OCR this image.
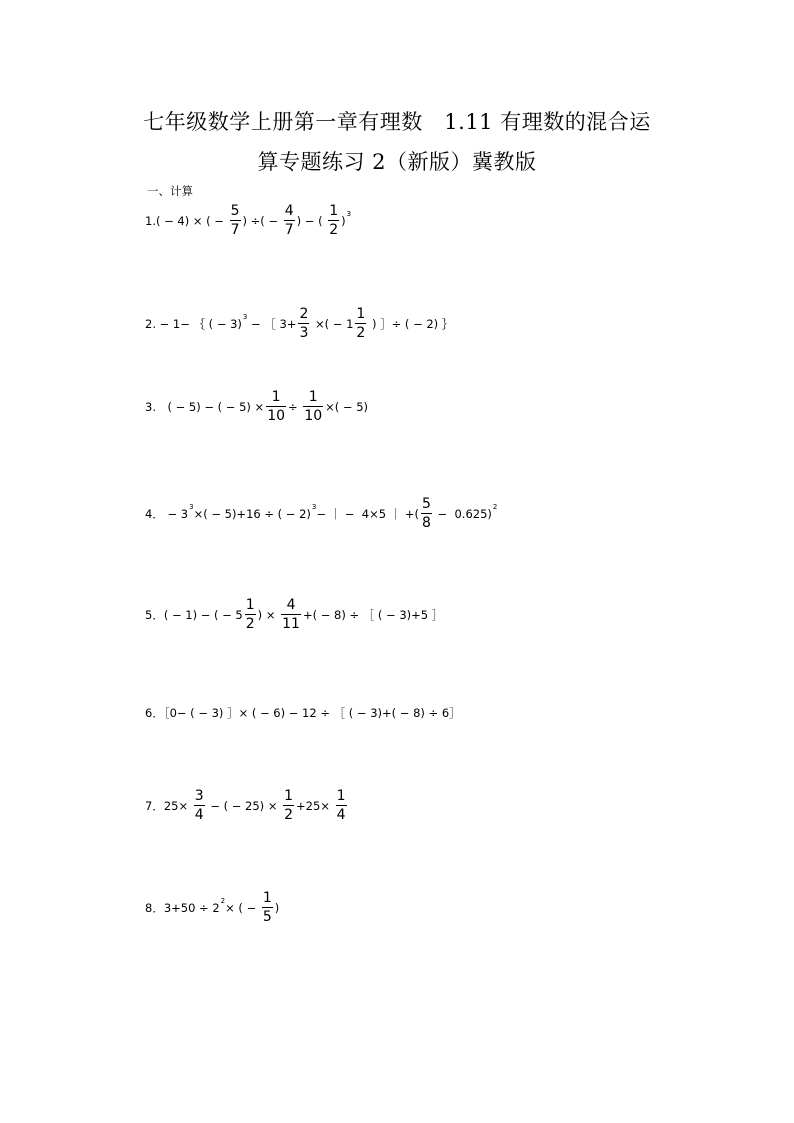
七年级数学上册第一章有理数　1.11 有理数的混合运
算专题练习 2（新版）冀教版
一、计算
1.( − 4) × ( − $\frac{5}{7}$ ) ÷( − $\frac{4}{7}$ ) − ( $\frac{1}{2}$ ) 3
2. − 1− ｛ ( − 3) 3 − ［ $3+ \frac{2}{3}$ ×( − $1 \frac{1}{2}$ ) ］÷ ( − 2) ｝
3.　( − 5) − ( − $5) \times \frac{1}{10} \div \frac{1}{10}$ ×( − 5)
4． − 3 3 ×( − 5)+16 ÷ ( − 2) 3 − ｜ −  4×5 ｜ +( $\frac{5}{8} - 0.625$) 2
5．( − 1) − ( − $5 \frac{1}{2}$ ) × $\frac{4}{11}$ +( − 8) ÷ ［ ( − 3)+5 ］
6．［0− ( − 3) ］× ( − 6) − 12 ÷ ［ ( − 3)+( − 8) ÷ 6］
7．$25\times \frac{3}{4}$ − ( − $25) \times \frac{1}{2} +25\times \frac{1}{4}$
8．3+50 ÷ 2 2 × ( − $\frac{1}{5}$ )
